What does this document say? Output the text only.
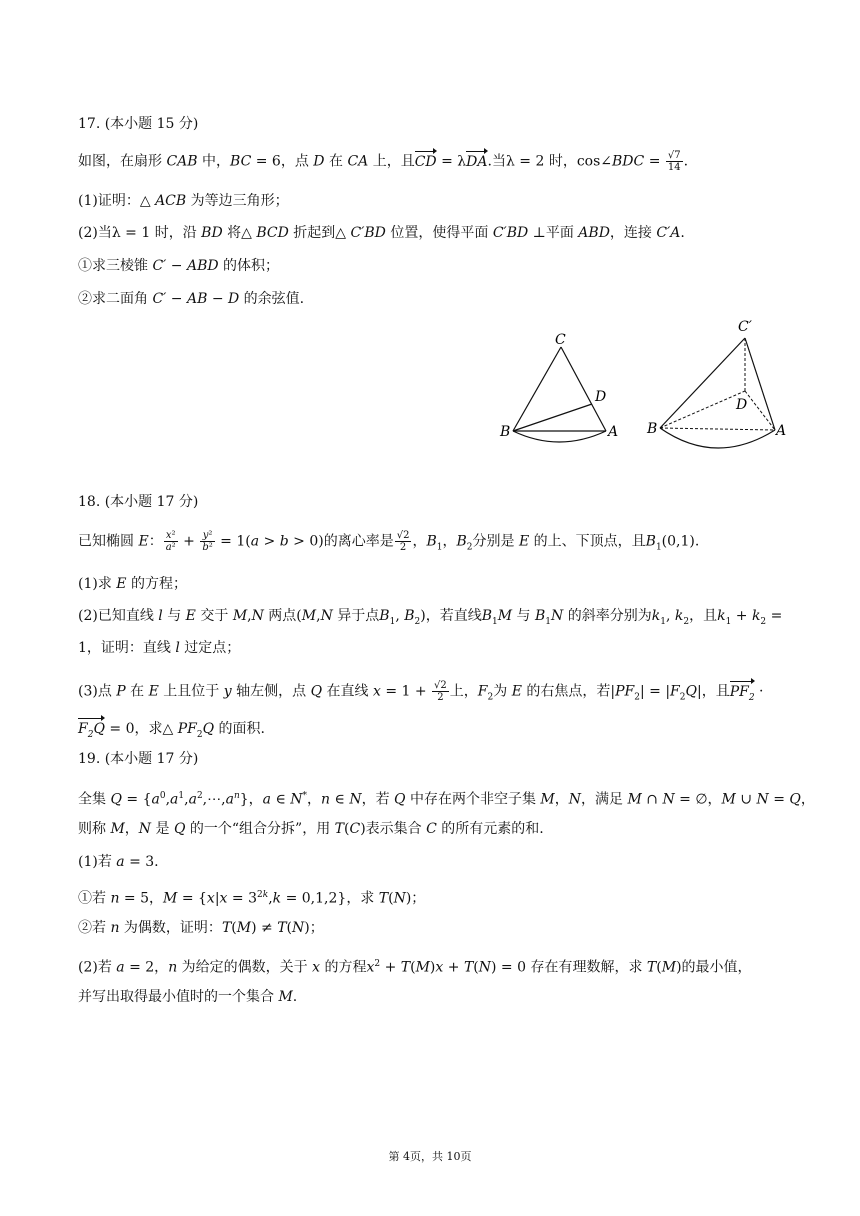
17. (本小题 15 分)
如图，在扇形 CAB 中，BC = 6，点 D 在 CA 上，且CD = λDA.当λ = 2 时，cos∠BDC = $\frac{√7}{14}$ .
(1)证明：△ ACB 为等边三角形；
(2)当λ = 1 时，沿 BD 将△ BCD 折起到△ C′BD 位置，使得平面 C′BD ⊥平面 ABD，连接 C′A.
①求三棱锥 C′ − ABD 的体积；
②求二面角 C′ − AB − D 的余弦值.
C
D
B	A
C′
D
B	A
18. (本小题 17 分)
已知椭圆 E： $\frac{\text{x²}}{\text{a²}} + \frac{\text{y²}}{\text{b²}} = 1(a > b > 0)$的离心率是 $\frac{√2}{2}$ ，$B_1$，$B_2$分别是 E 的上、下顶点，且$B_1(0,1)$.
(1)求 E 的方程；
(2)已知直线 l 与 E 交于 M,N 两点(M,N 异于点$B_1$, $B_2$)，若直线$B_1M$ 与 $B_1N$ 的斜率分别为$k_1$, $k_2$，且$k_1 + k_2$ =
1，证明：直线 l 过定点；
(3)点 P 在 E 上且位于 y 轴左侧，点 Q 在直线 $x = 1 + \frac{√2}{2}$ 上，$F_2$为 E 的右焦点，若$|PF_2| = |F_2Q|$，且$PF_2$ ·
$F_2Q = 0$，求△ $PF_2Q$ 的面积.
19. (本小题 17 分)
全集 $Q = \{a^0,a^1,a^2,\cdots,a^n\}$，a ∈ N*，n ∈ N，若 Q 中存在两个非空子集 M，N，满足 M ∩ N = ∅，M ∪ N = Q，
则称 M，N 是 Q 的一个“组合分拆”，用 T(C)表示集合 C 的所有元素的和.
(1)若 a = 3.
①若 n = 5，$M = \{x|x = 3^{2k},k = 0,1,2\}$，求 T(N)；
②若 n 为偶数，证明：T(M) ≠ T(N)；
(2)若 a = 2，n 为给定的偶数，关于 x 的方程$x^2 + T(M)x + T(N) = 0$ 存在有理数解，求 T(M)的最小值，
并写出取得最小值时的一个集合 M.
第 4页，共 10页
